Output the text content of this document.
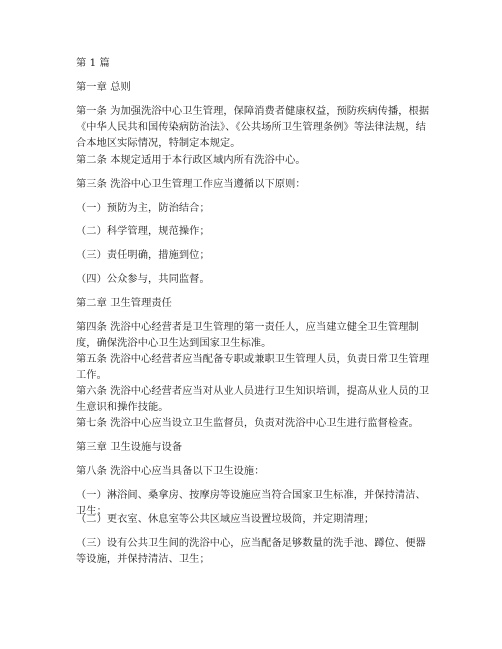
第 1 篇
第一章 总则
第一条 为加强洗浴中心卫生管理，保障消费者健康权益，预防疾病传播，根据《中华人民共和国传染病防治法》、《公共场所卫生管理条例》等法律法规，结合本地区实际情况，特制定本规定。
第二条 本规定适用于本行政区域内所有洗浴中心。
第三条 洗浴中心卫生管理工作应当遵循以下原则：
（一）预防为主，防治结合；
（二）科学管理，规范操作；
（三）责任明确，措施到位；
（四）公众参与，共同监督。
第二章 卫生管理责任
第四条 洗浴中心经营者是卫生管理的第一责任人，应当建立健全卫生管理制度，确保洗浴中心卫生达到国家卫生标准。
第五条 洗浴中心经营者应当配备专职或兼职卫生管理人员，负责日常卫生管理工作。
第六条 洗浴中心经营者应当对从业人员进行卫生知识培训，提高从业人员的卫生意识和操作技能。
第七条 洗浴中心应当设立卫生监督员，负责对洗浴中心卫生进行监督检查。
第三章 卫生设施与设备
第八条 洗浴中心应当具备以下卫生设施：
（一）淋浴间、桑拿房、按摩房等设施应当符合国家卫生标准，并保持清洁、卫生；
（二）更衣室、休息室等公共区域应当设置垃圾筒，并定期清理；
（三）设有公共卫生间的洗浴中心，应当配备足够数量的洗手池、蹲位、便器等设施，并保持清洁、卫生；
